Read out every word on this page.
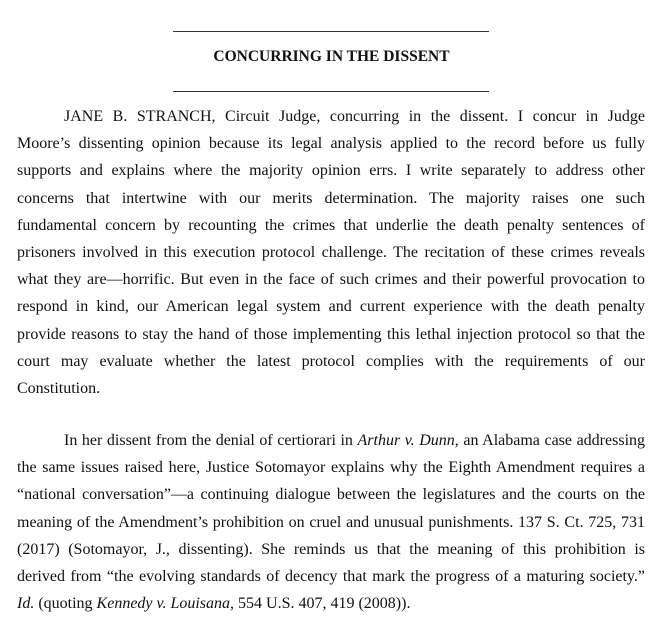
CONCURRING IN THE DISSENT
JANE B. STRANCH, Circuit Judge, concurring in the dissent. I concur in Judge
Moore’s dissenting opinion because its legal analysis applied to the record before us fully
supports and explains where the majority opinion errs. I write separately to address other
concerns that intertwine with our merits determination. The majority raises one such
fundamental concern by recounting the crimes that underlie the death penalty sentences of
prisoners involved in this execution protocol challenge. The recitation of these crimes reveals
what they are—horrific. But even in the face of such crimes and their powerful provocation to
respond in kind, our American legal system and current experience with the death penalty
provide reasons to stay the hand of those implementing this lethal injection protocol so that the
court may evaluate whether the latest protocol complies with the requirements of our
Constitution.
In her dissent from the denial of certiorari in Arthur v. Dunn, an Alabama case addressing
the same issues raised here, Justice Sotomayor explains why the Eighth Amendment requires a
“national conversation”—a continuing dialogue between the legislatures and the courts on the
meaning of the Amendment’s prohibition on cruel and unusual punishments. 137 S. Ct. 725, 731
(2017) (Sotomayor, J., dissenting). She reminds us that the meaning of this prohibition is
derived from “the evolving standards of decency that mark the progress of a maturing society.”
Id. (quoting Kennedy v. Louisana, 554 U.S. 407, 419 (2008)).
